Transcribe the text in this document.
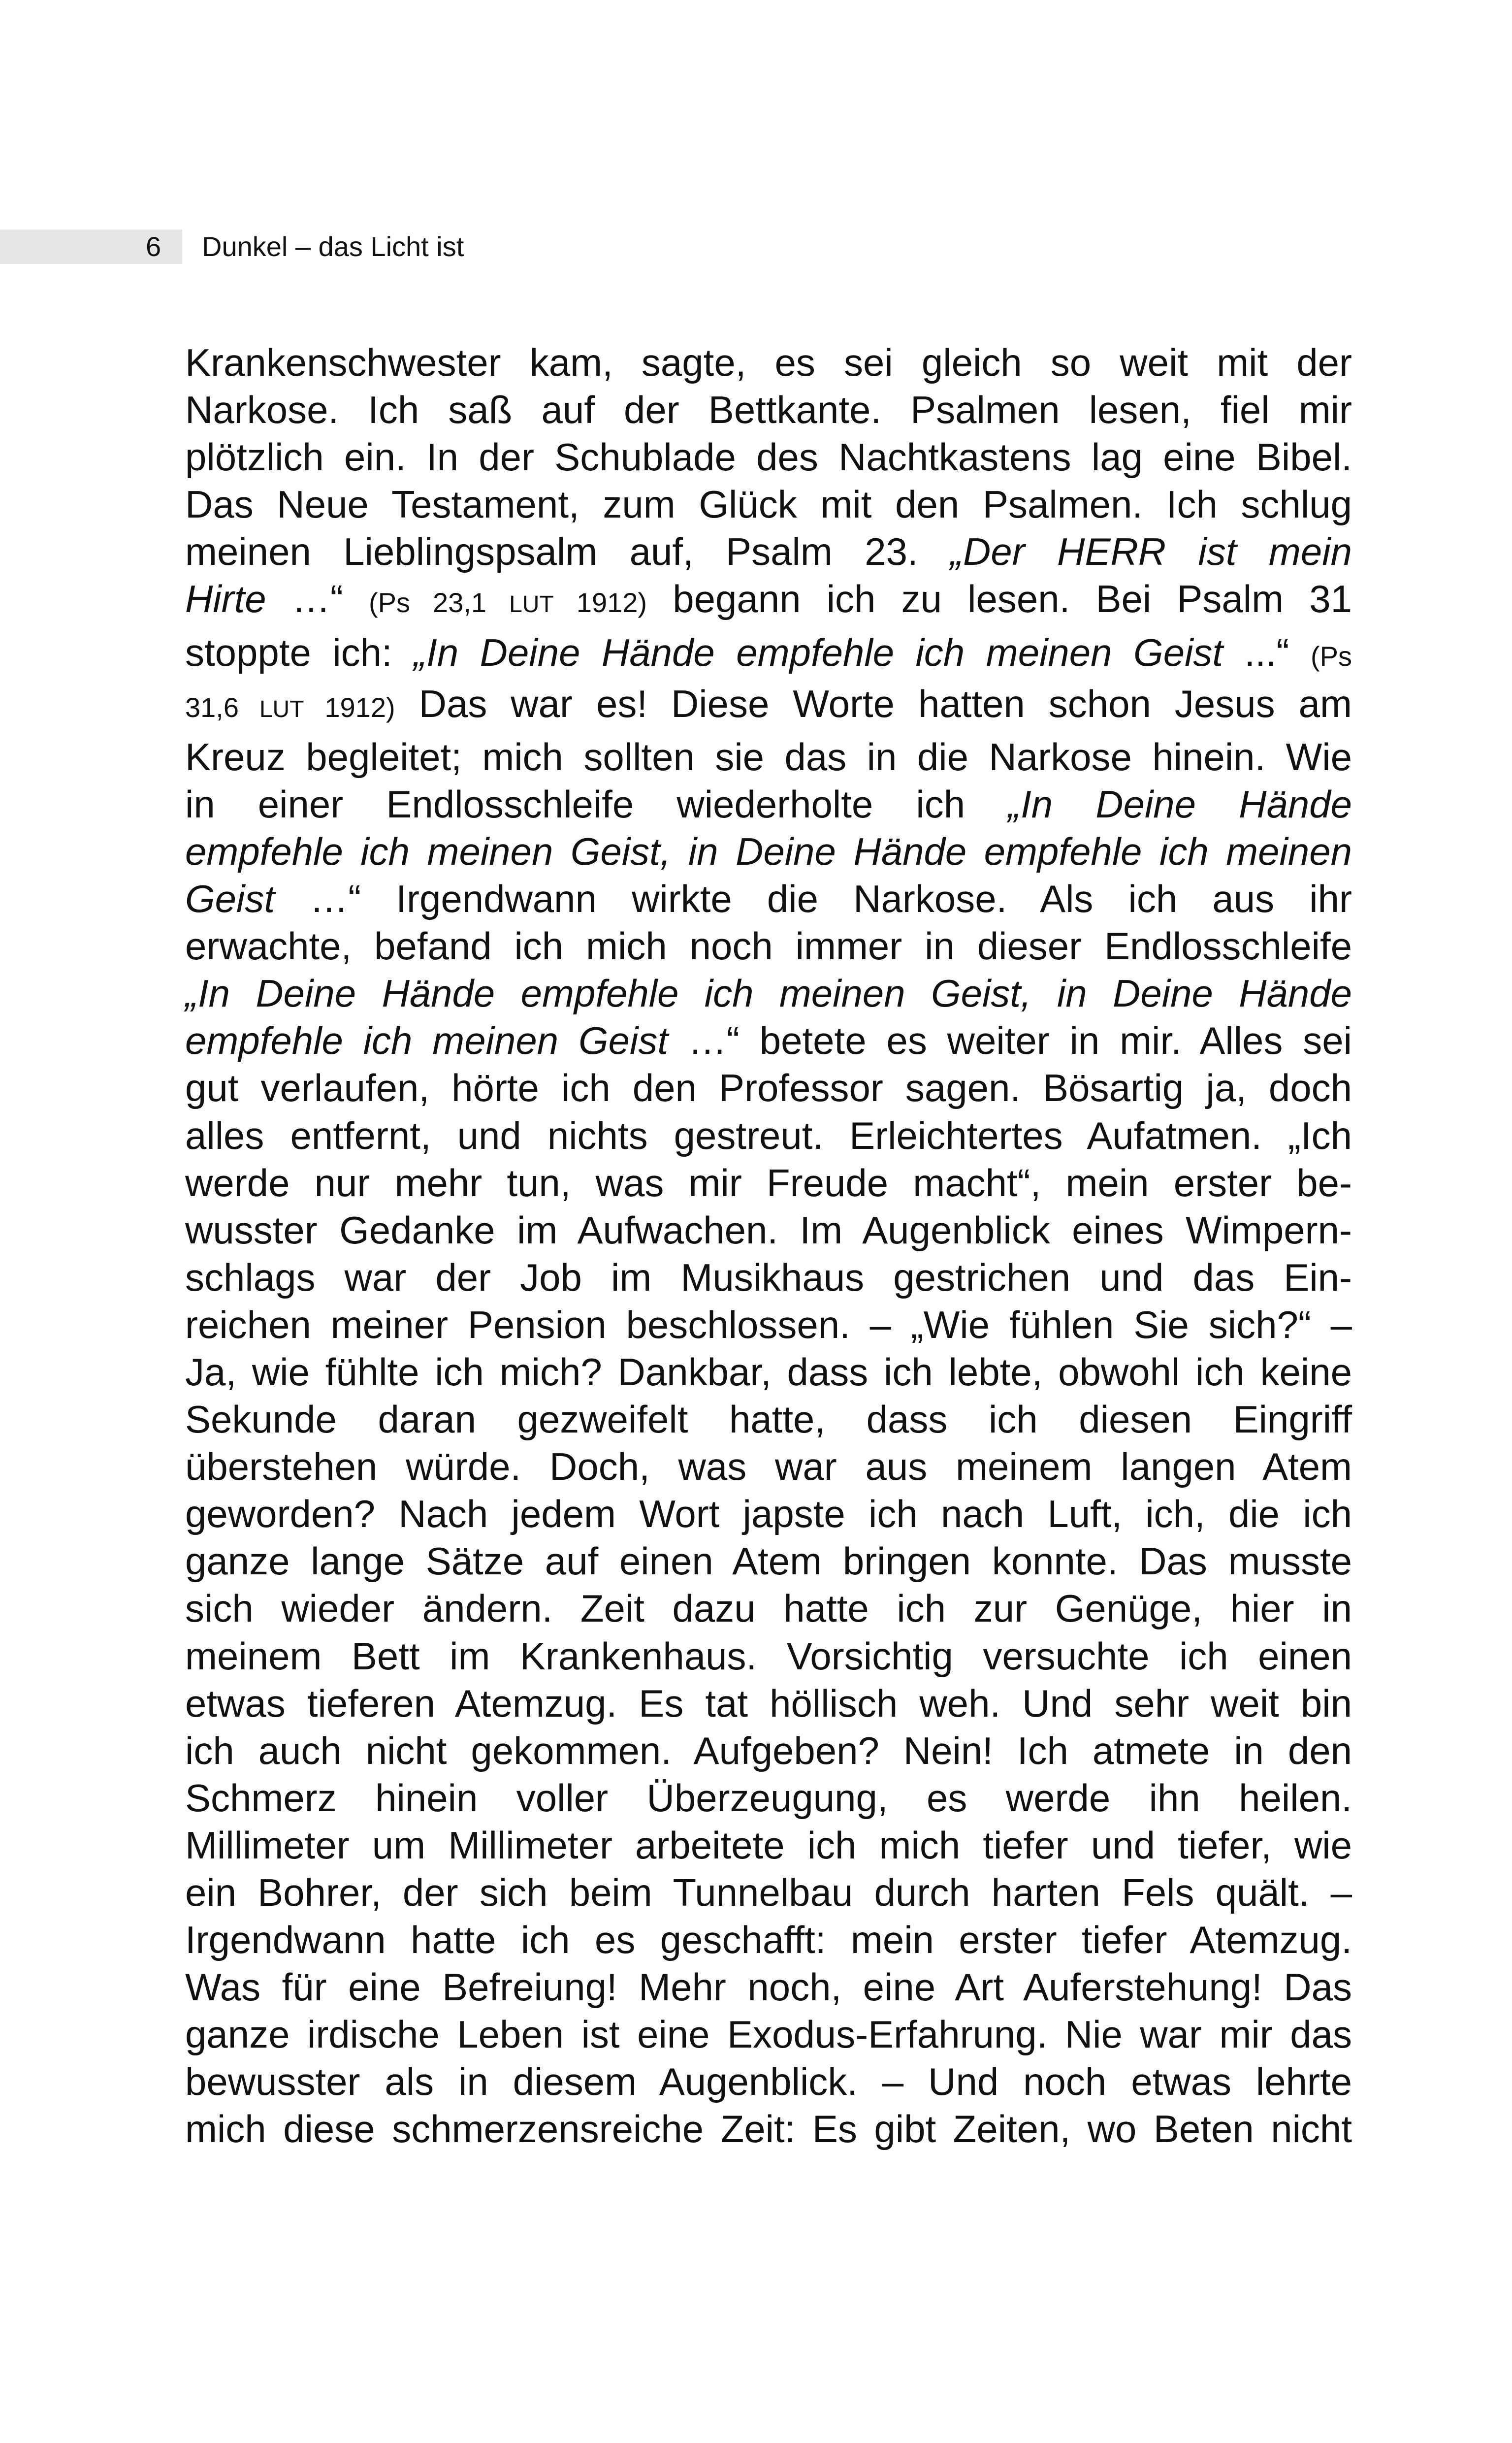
6 Dunkel – das Licht ist
Krankenschwester kam, sagte, es sei gleich so weit mit der
Narkose. Ich saß auf der Bettkante. Psalmen lesen, fiel mir
plötzlich ein. In der Schublade des Nachtkastens lag eine Bibel.
Das Neue Testament, zum Glück mit den Psalmen. Ich schlug
meinen Lieblingspsalm auf, Psalm 23. „Der HERR ist mein
Hirte …“ (Ps 23,1 LUT 1912) begann ich zu lesen. Bei Psalm 31
stoppte ich: „In Deine Hände empfehle ich meinen Geist ...“ (Ps
31,6 LUT 1912) Das war es! Diese Worte hatten schon Jesus am
Kreuz begleitet; mich sollten sie das in die Narkose hinein. Wie
in einer Endlosschleife wiederholte ich „In Deine Hände
empfehle ich meinen Geist, in Deine Hände empfehle ich meinen
Geist …“ Irgendwann wirkte die Narkose. Als ich aus ihr
erwachte, befand ich mich noch immer in dieser Endlosschleife
„In Deine Hände empfehle ich meinen Geist, in Deine Hände
empfehle ich meinen Geist …“ betete es weiter in mir. Alles sei
gut verlaufen, hörte ich den Professor sagen. Bösartig ja, doch
alles entfernt, und nichts gestreut. Erleichtertes Aufatmen. „Ich
werde nur mehr tun, was mir Freude macht“, mein erster be-
wusster Gedanke im Aufwachen. Im Augenblick eines Wimpern-
schlags war der Job im Musikhaus gestrichen und das Ein-
reichen meiner Pension beschlossen. – „Wie fühlen Sie sich?“ –
Ja, wie fühlte ich mich? Dankbar, dass ich lebte, obwohl ich keine
Sekunde daran gezweifelt hatte, dass ich diesen Eingriff
überstehen würde. Doch, was war aus meinem langen Atem
geworden? Nach jedem Wort japste ich nach Luft, ich, die ich
ganze lange Sätze auf einen Atem bringen konnte. Das musste
sich wieder ändern. Zeit dazu hatte ich zur Genüge, hier in
meinem Bett im Krankenhaus. Vorsichtig versuchte ich einen
etwas tieferen Atemzug. Es tat höllisch weh. Und sehr weit bin
ich auch nicht gekommen. Aufgeben? Nein! Ich atmete in den
Schmerz hinein voller Überzeugung, es werde ihn heilen.
Millimeter um Millimeter arbeitete ich mich tiefer und tiefer, wie
ein Bohrer, der sich beim Tunnelbau durch harten Fels quält. –
Irgendwann hatte ich es geschafft: mein erster tiefer Atemzug.
Was für eine Befreiung! Mehr noch, eine Art Auferstehung! Das
ganze irdische Leben ist eine Exodus-Erfahrung. Nie war mir das
bewusster als in diesem Augenblick. – Und noch etwas lehrte
mich diese schmerzensreiche Zeit: Es gibt Zeiten, wo Beten nicht
